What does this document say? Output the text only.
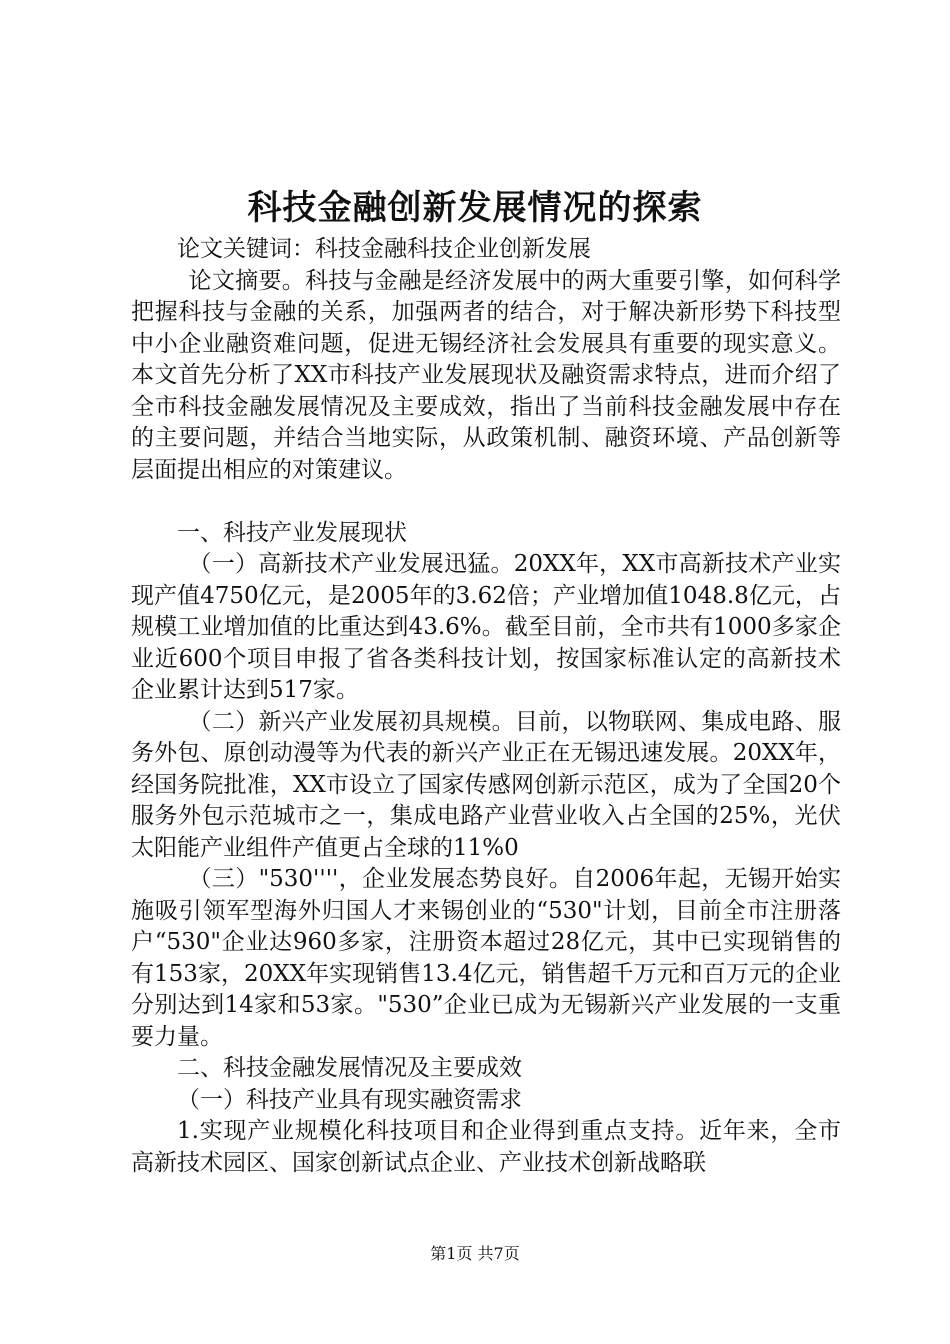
科技金融创新发展情况的探索

论文关键词：科技金融科技企业创新发展

论文摘要。科技与金融是经济发展中的两大重要引擎，如何科学把握科技与金融的关系，加强两者的结合，对于解决新形势下科技型中小企业融资难问题，促进无锡经济社会发展具有重要的现实意义。本文首先分析了XX市科技产业发展现状及融资需求特点，进而介绍了全市科技金融发展情况及主要成效，指出了当前科技金融发展中存在的主要问题，并结合当地实际，从政策机制、融资环境、产品创新等层面提出相应的对策建议。

一、科技产业发展现状

（一）高新技术产业发展迅猛。20XX年，XX市高新技术产业实现产值4750亿元，是2005年的3.62倍；产业增加值1048.8亿元，占规模工业增加值的比重达到43.6%。截至目前，全市共有1000多家企业近600个项目申报了省各类科技计划，按国家标准认定的高新技术企业累计达到517家。

（二）新兴产业发展初具规模。目前，以物联网、集成电路、服务外包、原创动漫等为代表的新兴产业正在无锡迅速发展。20XX年，经国务院批准，XX市设立了国家传感网创新示范区，成为了全国20个服务外包示范城市之一，集成电路产业营业收入占全国的25%，光伏太阳能产业组件产值更占全球的11%0

（三）"530''''，企业发展态势良好。自2006年起，无锡开始实施吸引领军型海外归国人才来锡创业的“530"计划，目前全市注册落户“530"企业达960多家，注册资本超过28亿元，其中已实现销售的有153家，20XX年实现销售13.4亿元，销售超千万元和百万元的企业分别达到14家和53家。"530”企业已成为无锡新兴产业发展的一支重要力量。

二、科技金融发展情况及主要成效

（一）科技产业具有现实融资需求

1.实现产业规模化科技项目和企业得到重点支持。近年来，全市高新技术园区、国家创新试点企业、产业技术创新战略联

第1页 共7页
